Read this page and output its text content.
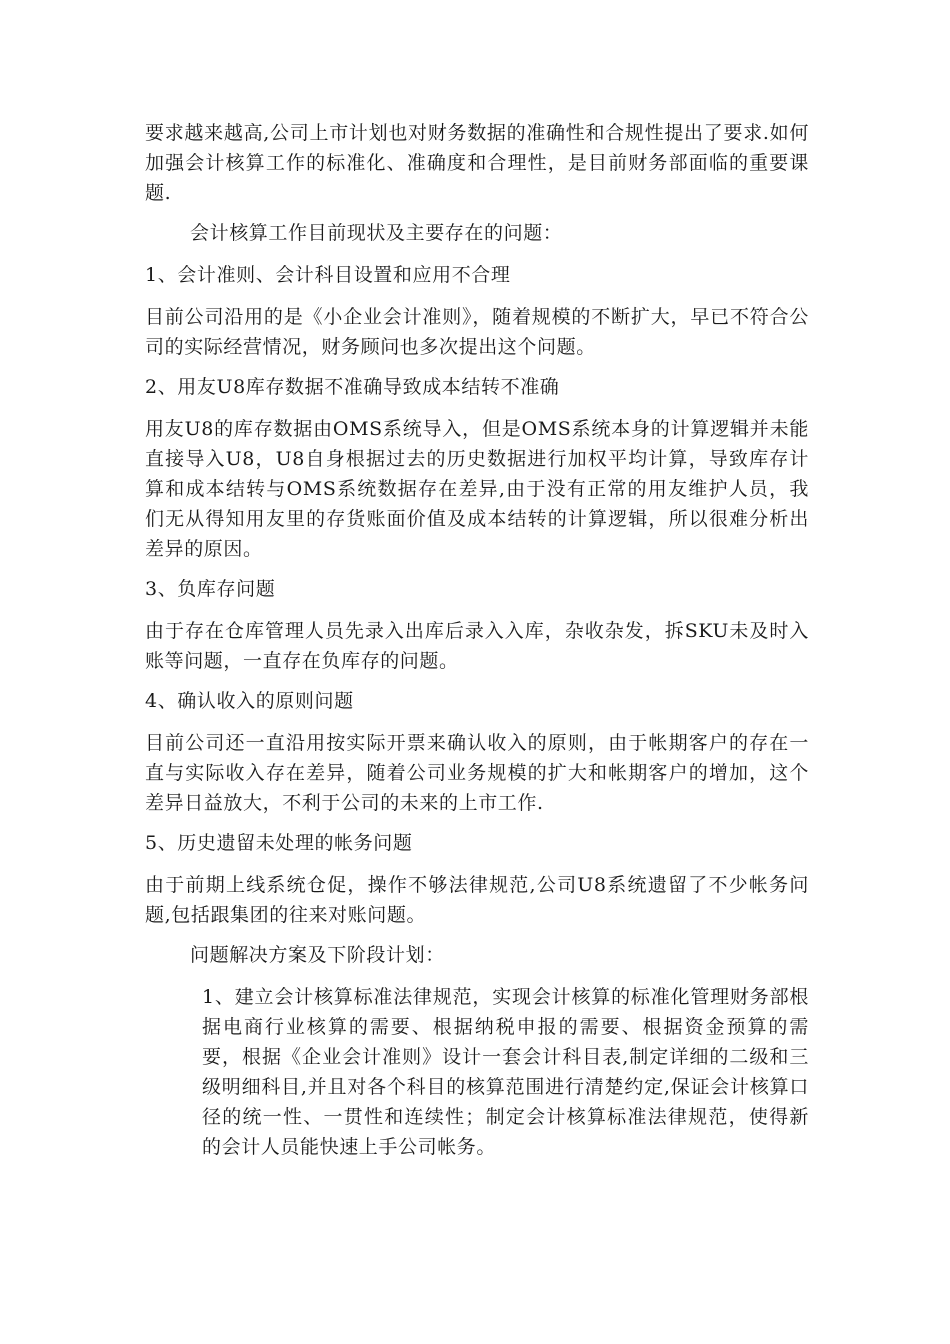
要求越来越高,公司上市计划也对财务数据的准确性和合规性提出了要求.如何加强会计核算工作的标准化、准确度和合理性，是目前财务部面临的重要课题.

会计核算工作目前现状及主要存在的问题：

1、会计准则、会计科目设置和应用不合理

目前公司沿用的是《小企业会计准则》，随着规模的不断扩大，早已不符合公司的实际经营情况，财务顾问也多次提出这个问题。

2、用友U8库存数据不准确导致成本结转不准确

用友U8的库存数据由OMS系统导入，但是OMS系统本身的计算逻辑并未能直接导入U8，U8自身根据过去的历史数据进行加权平均计算，导致库存计算和成本结转与OMS系统数据存在差异,由于没有正常的用友维护人员，我们无从得知用友里的存货账面价值及成本结转的计算逻辑，所以很难分析出差异的原因。

3、负库存问题

由于存在仓库管理人员先录入出库后录入入库，杂收杂发，拆SKU未及时入账等问题，一直存在负库存的问题。

4、确认收入的原则问题

目前公司还一直沿用按实际开票来确认收入的原则，由于帐期客户的存在一直与实际收入存在差异，随着公司业务规模的扩大和帐期客户的增加，这个差异日益放大，不利于公司的未来的上市工作.

5、历史遗留未处理的帐务问题

由于前期上线系统仓促，操作不够法律规范,公司U8系统遗留了不少帐务问题,包括跟集团的往来对账问题。

问题解决方案及下阶段计划：

1、建立会计核算标准法律规范，实现会计核算的标准化管理财务部根据电商行业核算的需要、根据纳税申报的需要、根据资金预算的需要，根据《企业会计准则》设计一套会计科目表,制定详细的二级和三级明细科目,并且对各个科目的核算范围进行清楚约定,保证会计核算口径的统一性、一贯性和连续性；制定会计核算标准法律规范，使得新的会计人员能快速上手公司帐务。
